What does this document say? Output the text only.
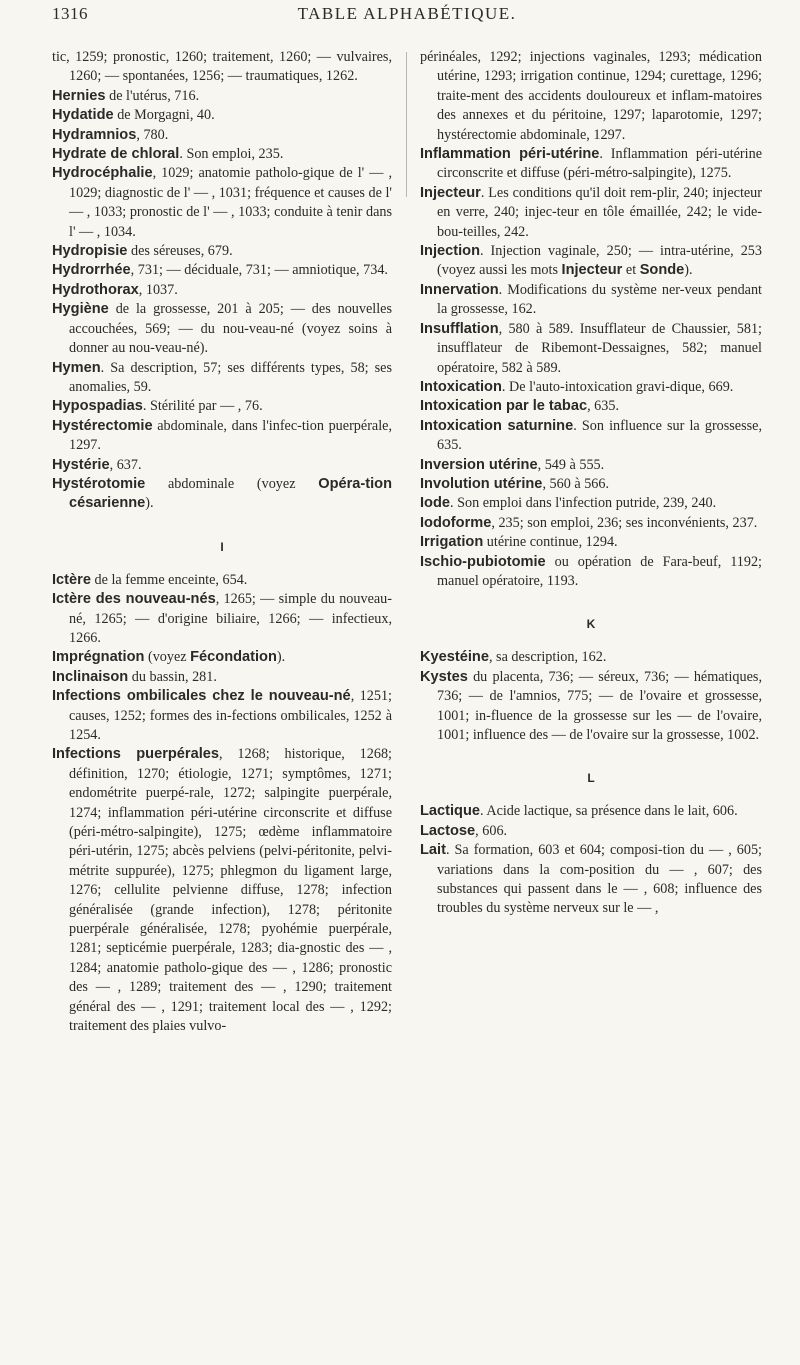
1316	TABLE ALPHABÉTIQUE.

tic, 1259; pronostic, 1260; traitement, 1260; — vulvaires, 1260; — spontanées, 1256; — traumatiques, 1262.

Hernies de l'utérus, 716.

Hydatide de Morgagni, 40.

Hydramnios, 780.

Hydrate de chloral. Son emploi, 235.

Hydrocéphalie, 1029; anatomie patholo-gique de l' — , 1029; diagnostic de l' — , 1031; fréquence et causes de l' — , 1033; pronostic de l' — , 1033; conduite à tenir dans l' — , 1034.

Hydropisie des séreuses, 679.

Hydrorrhée, 731; — déciduale, 731; — amniotique, 734.

Hydrothorax, 1037.

Hygiène de la grossesse, 201 à 205; — des nouvelles accouchées, 569; — du nou-veau-né (voyez soins à donner au nou-veau-né).

Hymen. Sa description, 57; ses différents types, 58; ses anomalies, 59.

Hypospadias. Stérilité par — , 76.

Hystérectomie abdominale, dans l'infec-tion puerpérale, 1297.

Hystérie, 637.

Hystérotomie abdominale (voyez Opéra-tion césarienne).

I

Ictère de la femme enceinte, 654.

Ictère des nouveau-nés, 1265; — simple du nouveau-né, 1265; — d'origine biliaire, 1266; — infectieux, 1266.

Imprégnation (voyez Fécondation).

Inclinaison du bassin, 281.

Infections ombilicales chez le nouveau-né, 1251; causes, 1252; formes des in-fections ombilicales, 1252 à 1254.

Infections puerpérales, 1268; historique, 1268; définition, 1270; étiologie, 1271; symptômes, 1271; endométrite puerpé-rale, 1272; salpingite puerpérale, 1274; inflammation péri-utérine circonscrite et diffuse (péri-métro-salpingite), 1275; œdème inflammatoire péri-utérin, 1275; abcès pelviens (pelvi-péritonite, pelvi-métrite suppurée), 1275; phlegmon du ligament large, 1276; cellulite pelvienne diffuse, 1278; infection généralisée (grande infection), 1278; péritonite puerpérale généralisée, 1278; pyohémie puerpérale, 1281; septicémie puerpérale, 1283; dia-gnostic des — , 1284; anatomie patholo-gique des — , 1286; pronostic des — , 1289; traitement des — , 1290; traitement général des — , 1291; traitement local des — , 1292; traitement des plaies vulvo-

périnéales, 1292; injections vaginales, 1293; médication utérine, 1293; irrigation continue, 1294; curettage, 1296; traite-ment des accidents douloureux et inflam-matoires des annexes et du péritoine, 1297; laparotomie, 1297; hystérectomie abdominale, 1297.

Inflammation péri-utérine. Inflammation péri-utérine circonscrite et diffuse (péri-métro-salpingite), 1275.

Injecteur. Les conditions qu'il doit rem-plir, 240; injecteur en verre, 240; injec-teur en tôle émaillée, 242; le vide-bou-teilles, 242.

Injection. Injection vaginale, 250; — intra-utérine, 253 (voyez aussi les mots Injecteur et Sonde).

Innervation. Modifications du système ner-veux pendant la grossesse, 162.

Insufflation, 580 à 589. Insufflateur de Chaussier, 581; insufflateur de Ribemont-Dessaignes, 582; manuel opératoire, 582 à 589.

Intoxication. De l'auto-intoxication gravi-dique, 669.

Intoxication par le tabac, 635.

Intoxication saturnine. Son influence sur la grossesse, 635.

Inversion utérine, 549 à 555.

Involution utérine, 560 à 566.

Iode. Son emploi dans l'infection putride, 239, 240.

Iodoforme, 235; son emploi, 236; ses inconvénients, 237.

Irrigation utérine continue, 1294.

Ischio-pubiotomie ou opération de Fara-beuf, 1192; manuel opératoire, 1193.

K

Kyestéine, sa description, 162.

Kystes du placenta, 736; — séreux, 736; — hématiques, 736; — de l'amnios, 775; — de l'ovaire et grossesse, 1001; in-fluence de la grossesse sur les — de l'ovaire, 1001; influence des — de l'ovaire sur la grossesse, 1002.

L

Lactique. Acide lactique, sa présence dans le lait, 606.

Lactose, 606.

Lait. Sa formation, 603 et 604; composi-tion du — , 605; variations dans la com-position du — , 607; des substances qui passent dans le — , 608; influence des troubles du système nerveux sur le — ,
